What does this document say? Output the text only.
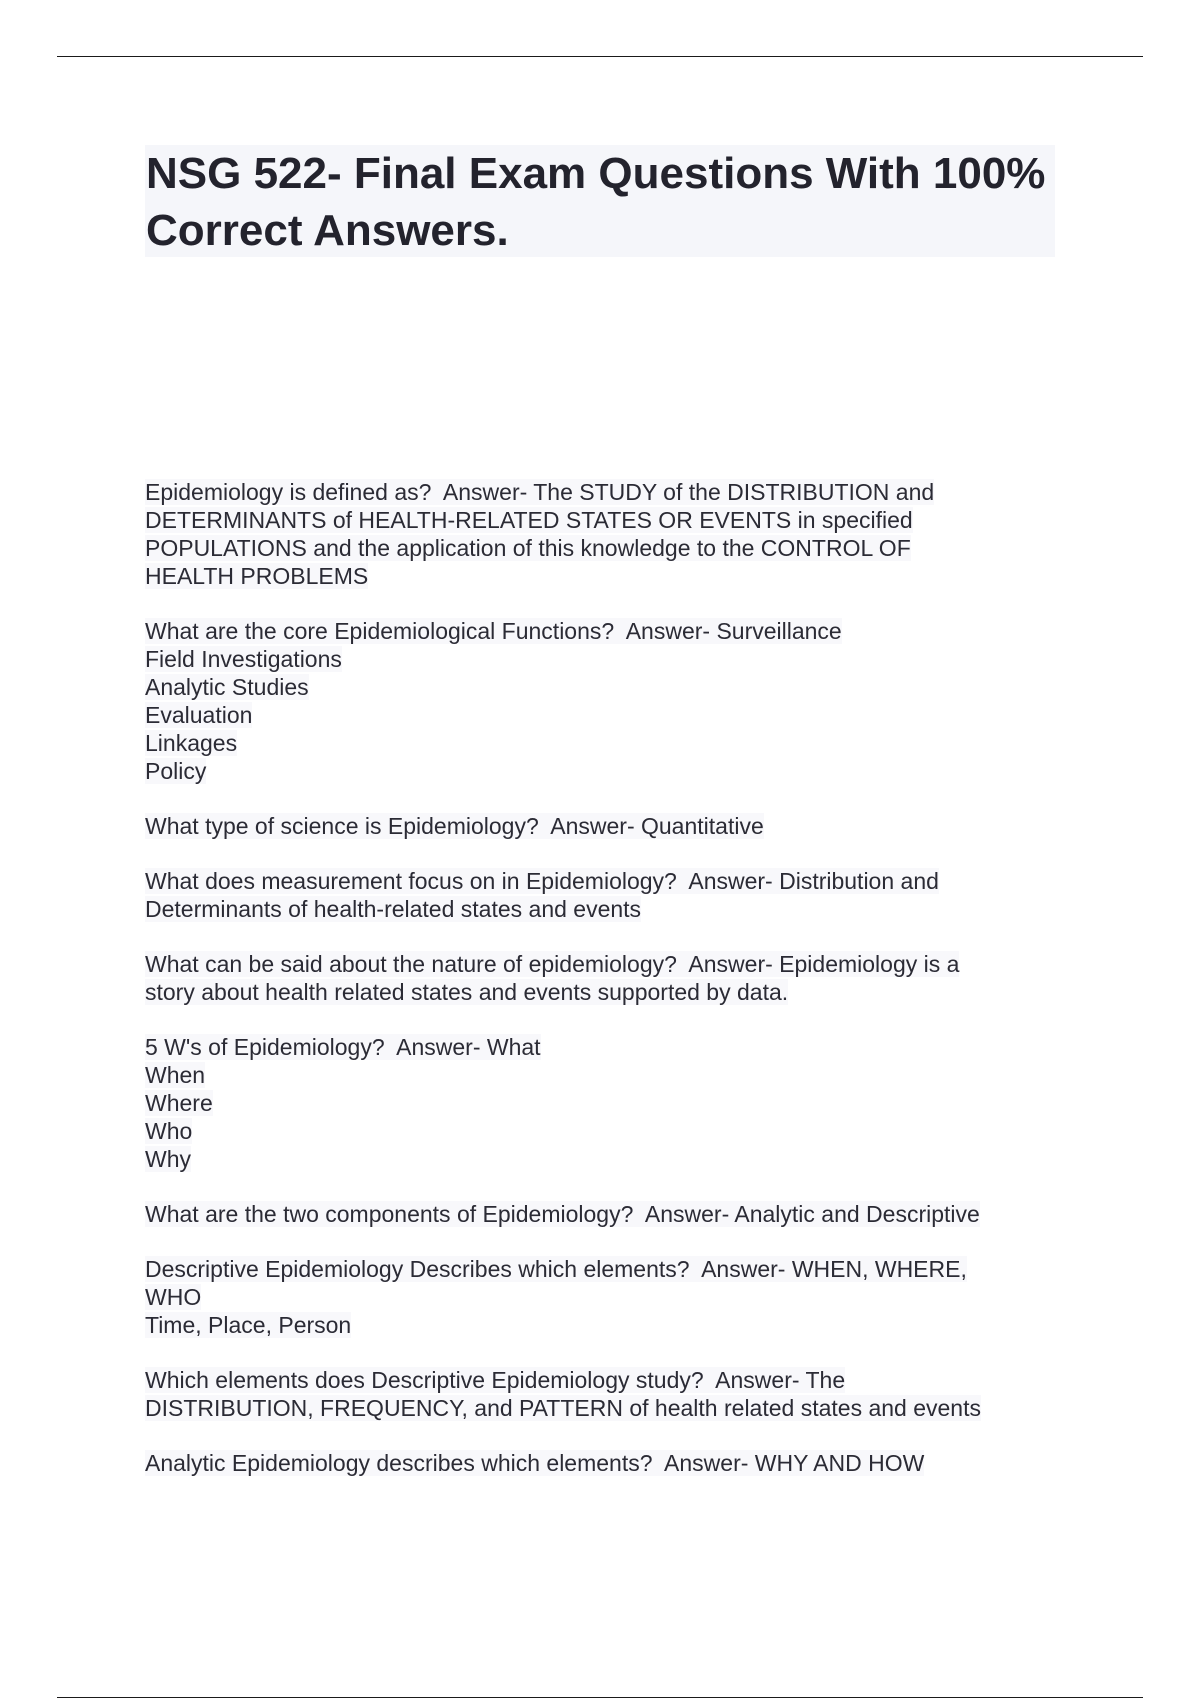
NSG 522- Final Exam Questions With 100% Correct Answers.
Epidemiology is defined as?  Answer- The STUDY of the DISTRIBUTION and
DETERMINANTS of HEALTH-RELATED STATES OR EVENTS in specified
POPULATIONS and the application of this knowledge to the CONTROL OF
HEALTH PROBLEMS
What are the core Epidemiological Functions?  Answer- Surveillance
Field Investigations
Analytic Studies
Evaluation
Linkages
Policy
What type of science is Epidemiology?  Answer- Quantitative
What does measurement focus on in Epidemiology?  Answer- Distribution and
Determinants of health-related states and events
What can be said about the nature of epidemiology?  Answer- Epidemiology is a
story about health related states and events supported by data.
5 W's of Epidemiology?  Answer- What
When
Where
Who
Why
What are the two components of Epidemiology?  Answer- Analytic and Descriptive
Descriptive Epidemiology Describes which elements?  Answer- WHEN, WHERE,
WHO
Time, Place, Person
Which elements does Descriptive Epidemiology study?  Answer- The
DISTRIBUTION, FREQUENCY, and PATTERN of health related states and events
Analytic Epidemiology describes which elements?  Answer- WHY AND HOW
